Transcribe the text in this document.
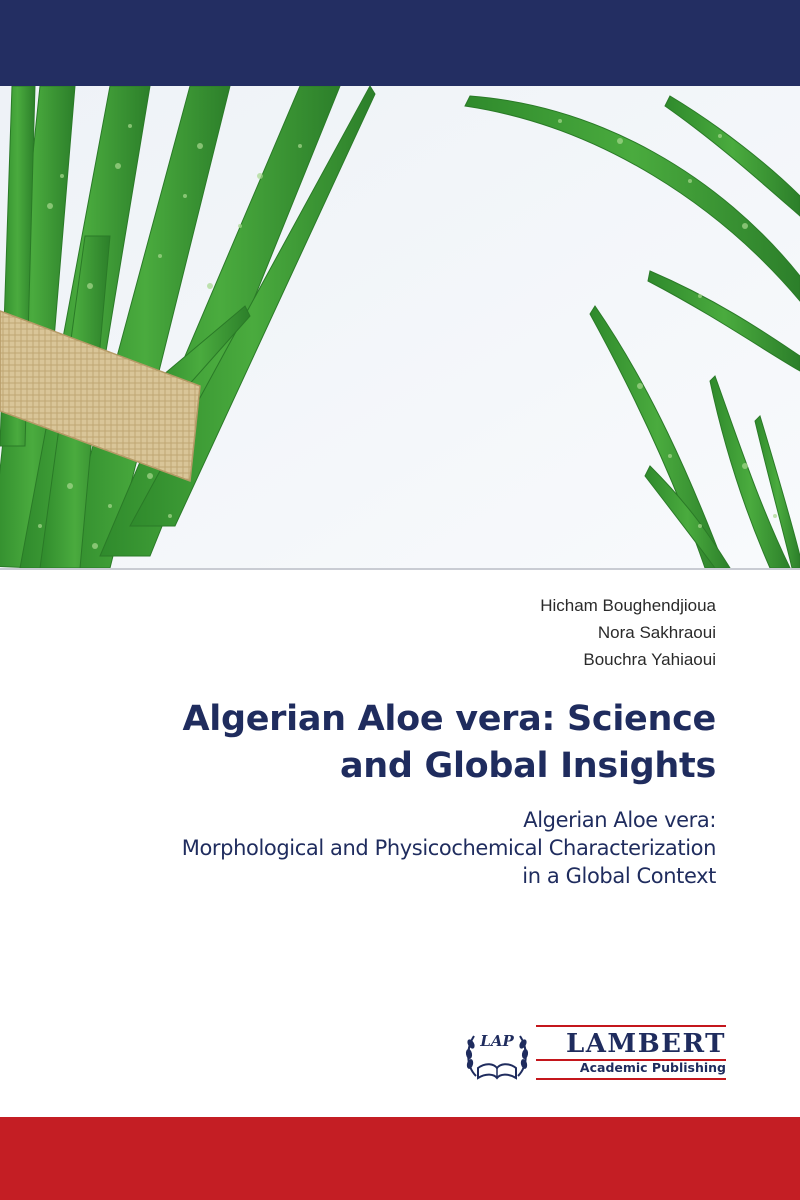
Hicham Boughendjioua
Nora Sakhraoui
Bouchra Yahiaoui
Algerian Aloe vera: Science
and Global Insights
Algerian Aloe vera:
Morphological and Physicochemical Characterization
in a Global Context
LAP	LAMBERT
Academic Publishing
